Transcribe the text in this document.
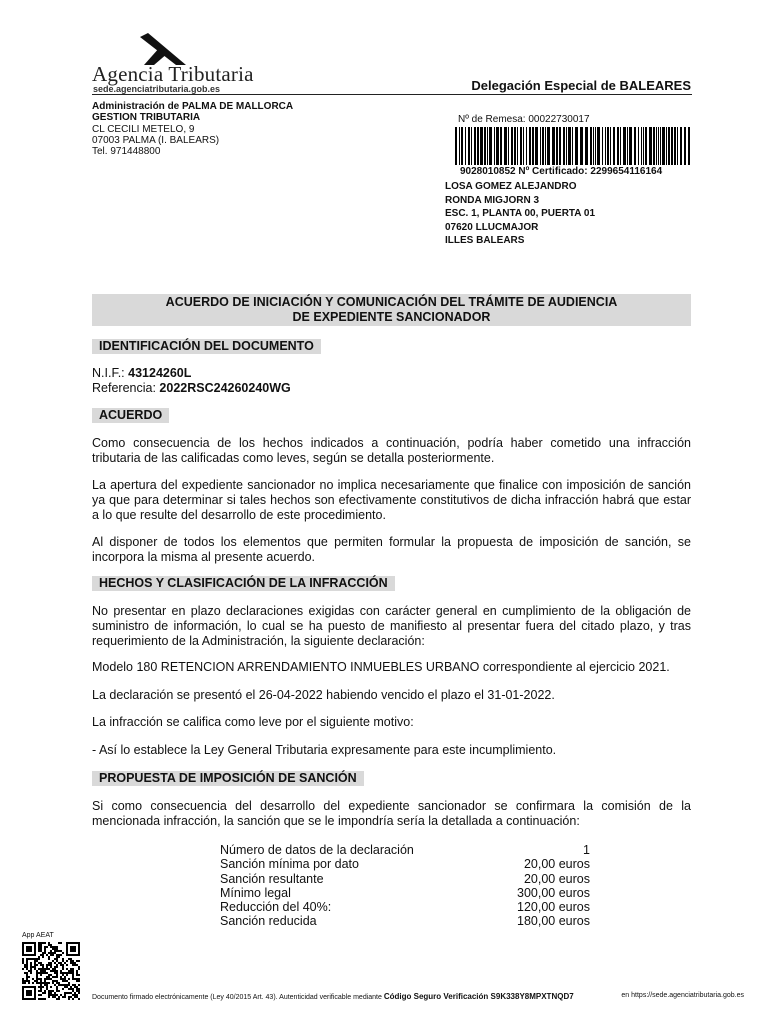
Agencia Tributaria
sede.agenciatributaria.gob.es	Delegación Especial de BALEARES
Administración de PALMA DE MALLORCA
GESTION TRIBUTARIA
CL CECILI METELO, 9
07003 PALMA (I. BALEARS)
Tel. 971448800
Nº de Remesa: 00022730017
9028010852 Nº Certificado: 2299654116164
LOSA GOMEZ ALEJANDRO
RONDA MIGJORN 3
ESC. 1, PLANTA 00, PUERTA 01
07620 LLUCMAJOR
ILLES BALEARS
ACUERDO DE INICIACIÓN Y COMUNICACIÓN DEL TRÁMITE DE AUDIENCIA
DE EXPEDIENTE SANCIONADOR
IDENTIFICACIÓN DEL DOCUMENTO
N.I.F.: 43124260L
Referencia: 2022RSC24260240WG
ACUERDO
Como consecuencia de los hechos indicados a continuación, podría haber cometido una infracción tributaria de las calificadas como leves, según se detalla posteriormente.
La apertura del expediente sancionador no implica necesariamente que finalice con imposición de sanción ya que para determinar si tales hechos son efectivamente constitutivos de dicha infracción habrá que estar a lo que resulte del desarrollo de este procedimiento.
Al disponer de todos los elementos que permiten formular la propuesta de imposición de sanción, se incorpora la misma al presente acuerdo.
HECHOS Y CLASIFICACIÓN DE LA INFRACCIÓN
No presentar en plazo declaraciones exigidas con carácter general en cumplimiento de la obligación de suministro de información, lo cual se ha puesto de manifiesto al presentar fuera del citado plazo, y tras requerimiento de la Administración, la siguiente declaración:
Modelo 180 RETENCION ARRENDAMIENTO INMUEBLES URBANO correspondiente al ejercicio 2021.
La declaración se presentó el 26-04-2022 habiendo vencido el plazo el 31-01-2022.
La infracción se califica como leve por el siguiente motivo:
- Así lo establece la Ley General Tributaria expresamente para este incumplimiento.
PROPUESTA DE IMPOSICIÓN DE SANCIÓN
Si como consecuencia del desarrollo del expediente sancionador se confirmara la comisión de la mencionada infracción, la sanción que se le impondría sería la detallada a continuación:
Número de datos de la declaración	1
Sanción mínima por dato	20,00 euros
Sanción resultante	20,00 euros
Mínimo legal	300,00 euros
Reducción del 40%:	120,00 euros
Sanción reducida	180,00 euros
App AEAT
Documento firmado electrónicamente (Ley 40/2015 Art. 43). Autenticidad verificable mediante Código Seguro Verificación S9K338Y8MPXTNQD7	en https://sede.agenciatributaria.gob.es
